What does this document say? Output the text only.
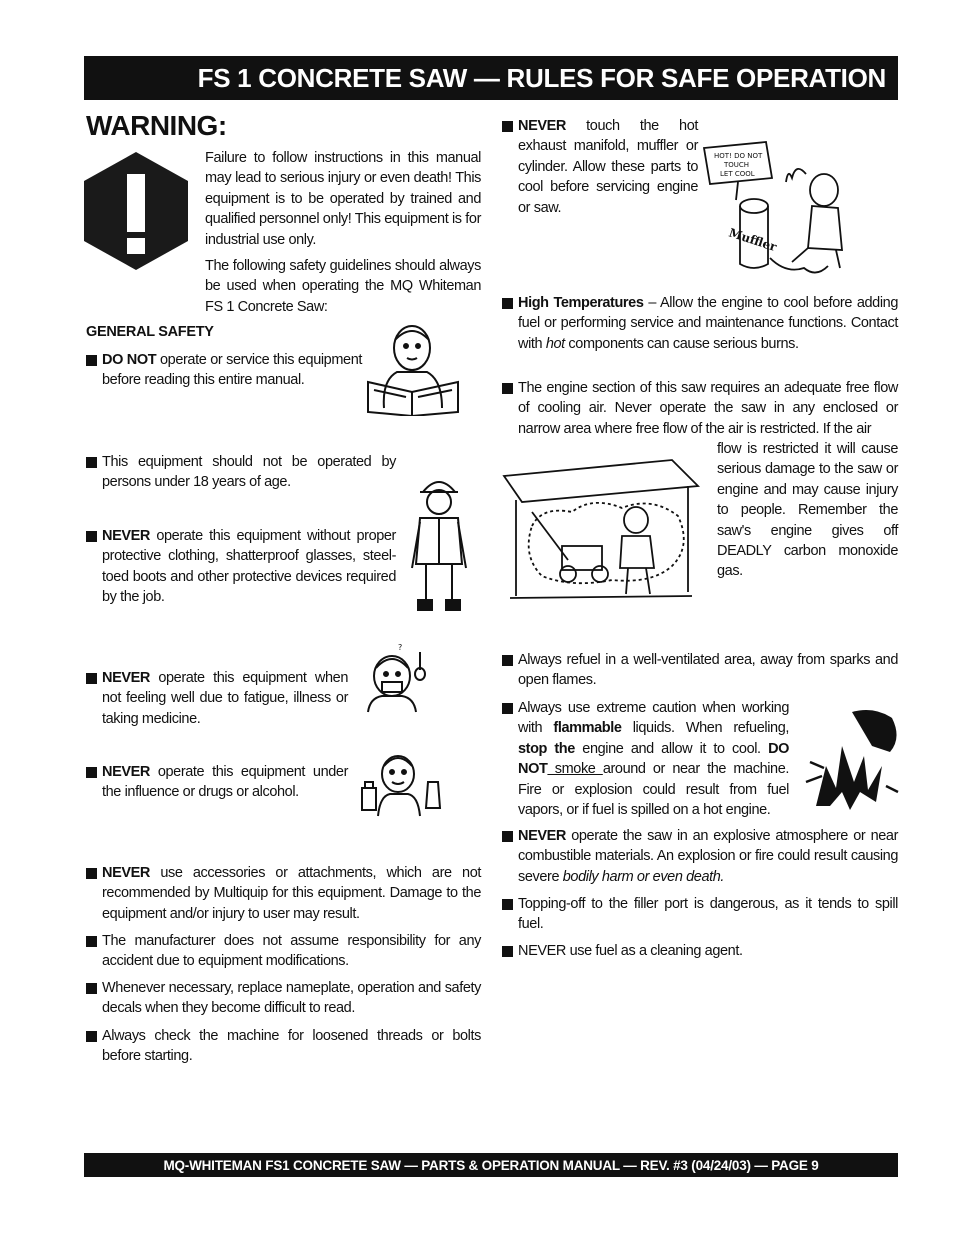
FS 1 CONCRETE SAW — RULES FOR SAFE OPERATION
WARNING:
Failure to follow instructions in this manual may lead to serious injury or even death! This equipment is to be operated by trained and qualified personnel only! This equipment is for industrial use only.
The following safety guidelines should always be used when operating the MQ Whiteman FS 1 Concrete Saw:
GENERAL SAFETY
DO NOT operate or service this equipment before reading this entire manual.
This equipment should not be operated by persons under 18 years of age.
NEVER operate this equipment without proper protective clothing, shatterproof glasses, steel-toed boots and other protective devices required by the job.
NEVER operate this equipment when not feeling well due to fatigue, illness or taking medicine.
?
NEVER operate this equipment under the influence or drugs or alcohol.
NEVER use accessories or attachments, which are not recommended by Multiquip for this equipment. Damage to the equipment and/or injury to user may result.
The manufacturer does not assume responsibility for any accident due to equipment modifications.
Whenever necessary, replace nameplate, operation and safety decals when they become difficult to read.
Always check the machine for loosened threads or bolts before starting.
NEVER touch the hot exhaust manifold, muffler or cylinder. Allow these parts to cool before servicing engine or saw.
HOT! DO NOT
TOUCH
LET COOL
Muffler
High Temperatures – Allow the engine to cool before adding fuel or performing service and maintenance functions. Contact with hot components can cause serious burns.
The engine section of this saw requires an adequate free flow of cooling air. Never operate the saw in any enclosed or narrow area where free flow of the air is restricted. If the air
flow is restricted it will cause serious damage to the saw or engine and may cause injury to people. Remember the saw's engine gives off DEADLY carbon monoxide gas.
Always refuel in a well-ventilated area, away from sparks and open flames.
Always use extreme caution when working with flammable liquids. When refueling, stop the engine and allow it to cool. DO NOT smoke around or near the machine. Fire or explosion could result from fuel vapors, or if fuel is spilled on a hot engine.
NEVER operate the saw in an explosive atmosphere or near combustible materials. An explosion or fire could result causing severe bodily harm or even death.
Topping-off to the filler port is dangerous, as it tends to spill fuel.
NEVER use fuel as a cleaning agent.
MQ-WHITEMAN FS1 CONCRETE SAW — PARTS & OPERATION MANUAL — REV. #3 (04/24/03) — PAGE 9
